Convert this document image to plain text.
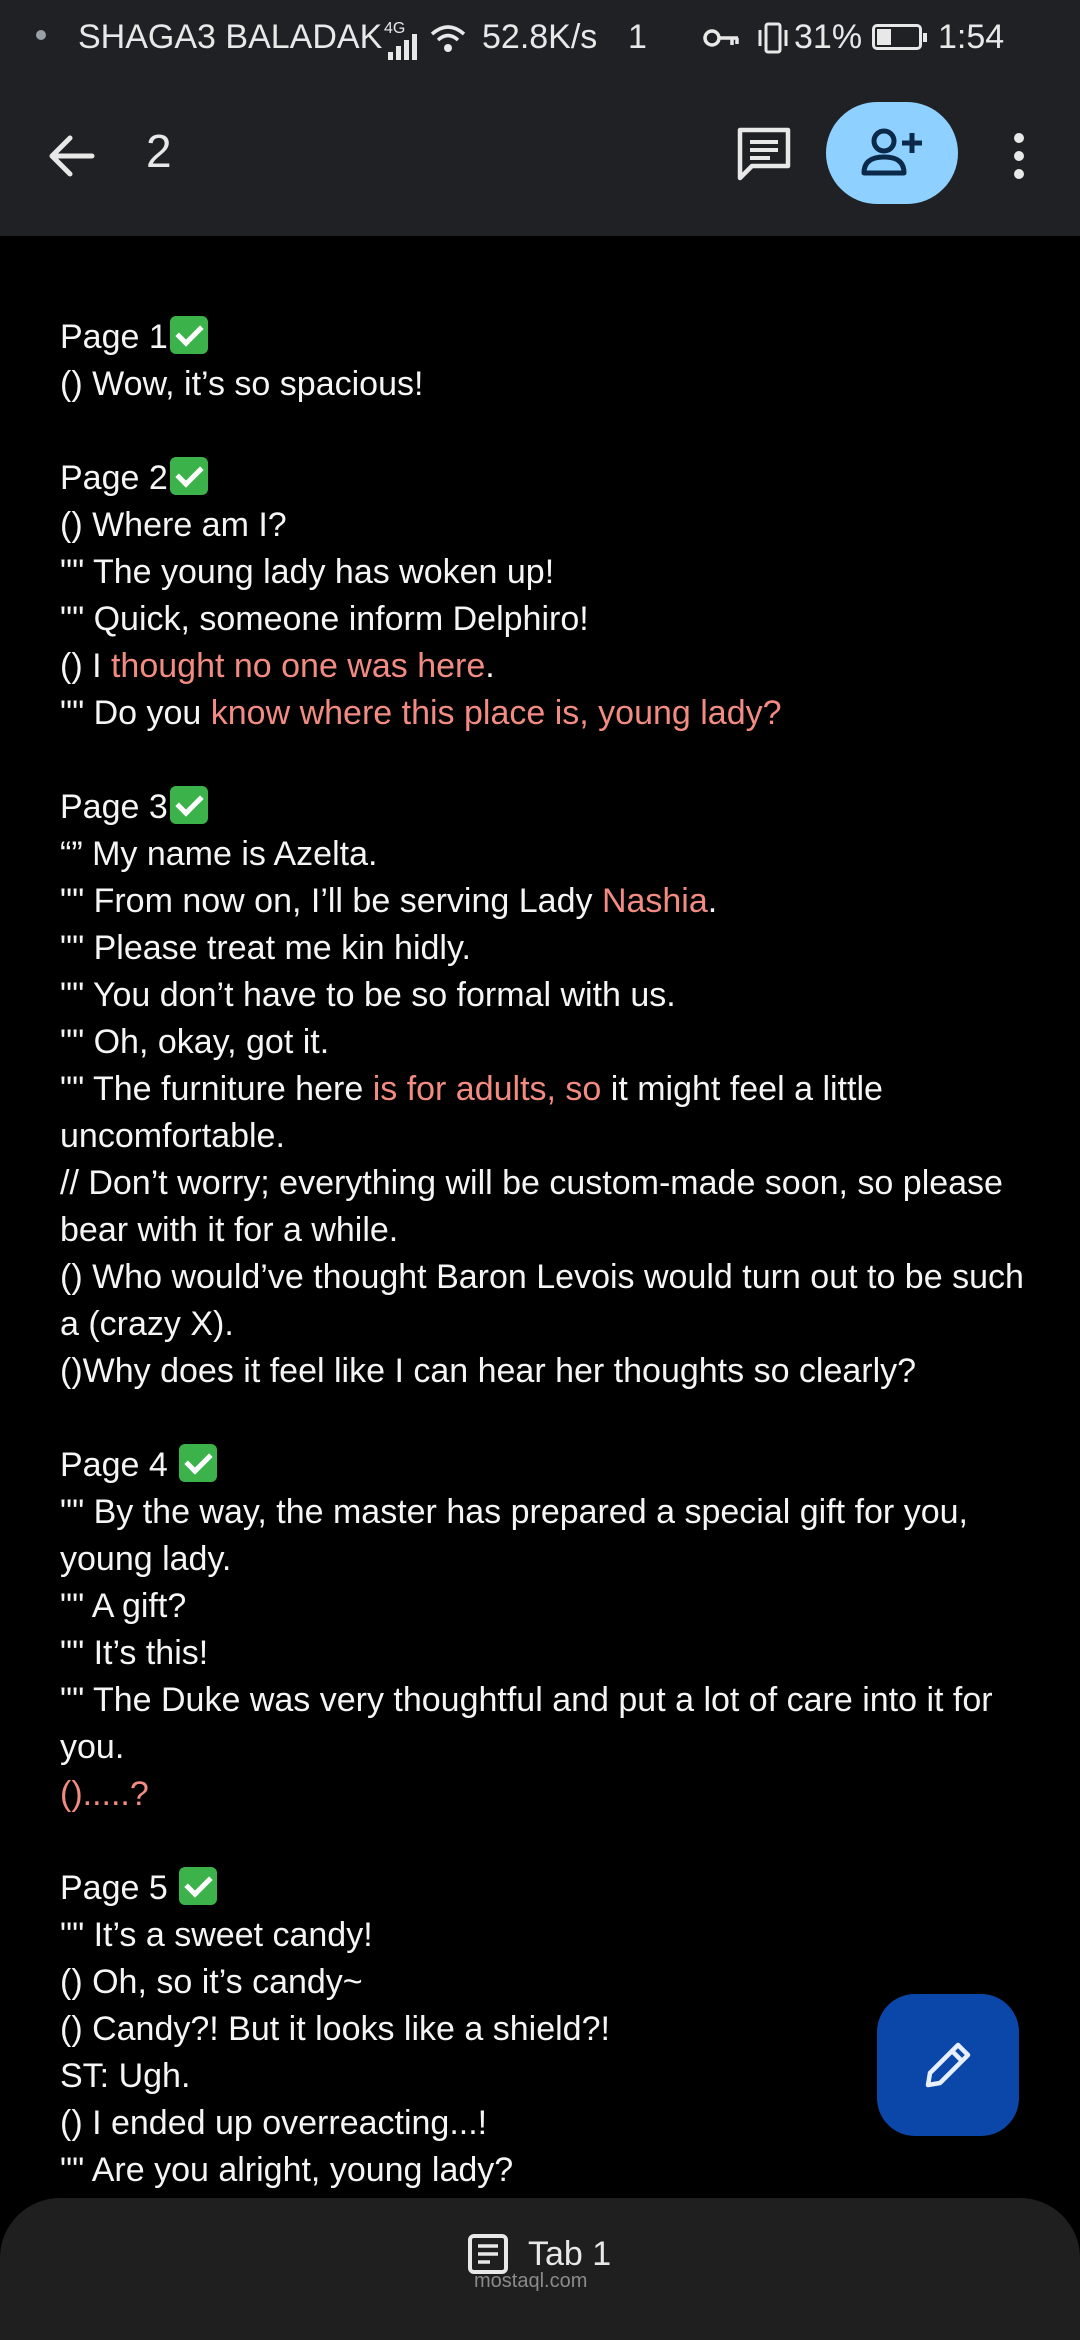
SHAGA3 BALADAK 4G 52.8K/s 1	31% 1:54
2

Page 1

() Wow, it’s so spacious!

Page 2

() Where am I?

"" The young lady has woken up!

"" Quick, someone inform Delphiro!

() I thought no one was here.

"" Do you know where this place is, young lady?

Page 3

“” My name is Azelta.

"" From now on, I’ll be serving Lady Nashia.

"" Please treat me kin hidly.

"" You don’t have to be so formal with us.

"" Oh, okay, got it.

"" The furniture here is for adults, so it might feel a little uncomfortable.

// Don’t worry; everything will be custom-made soon, so please bear with it for a while.

() Who would’ve thought Baron Levois would turn out to be such a (crazy X).

()Why does it feel like I can hear her thoughts so clearly?

Page 4

"" By the way, the master has prepared a special gift for you, young lady.

"" A gift?

"" It’s this!

"" The Duke was very thoughtful and put a lot of care into it for you.

().....?

Page 5

"" It’s a sweet candy!

() Oh, so it’s candy~

() Candy?! But it looks like a shield?!

ST: Ugh.

() I ended up overreacting...!

"" Are you alright, young lady?

Tab 1
mostaql.com
